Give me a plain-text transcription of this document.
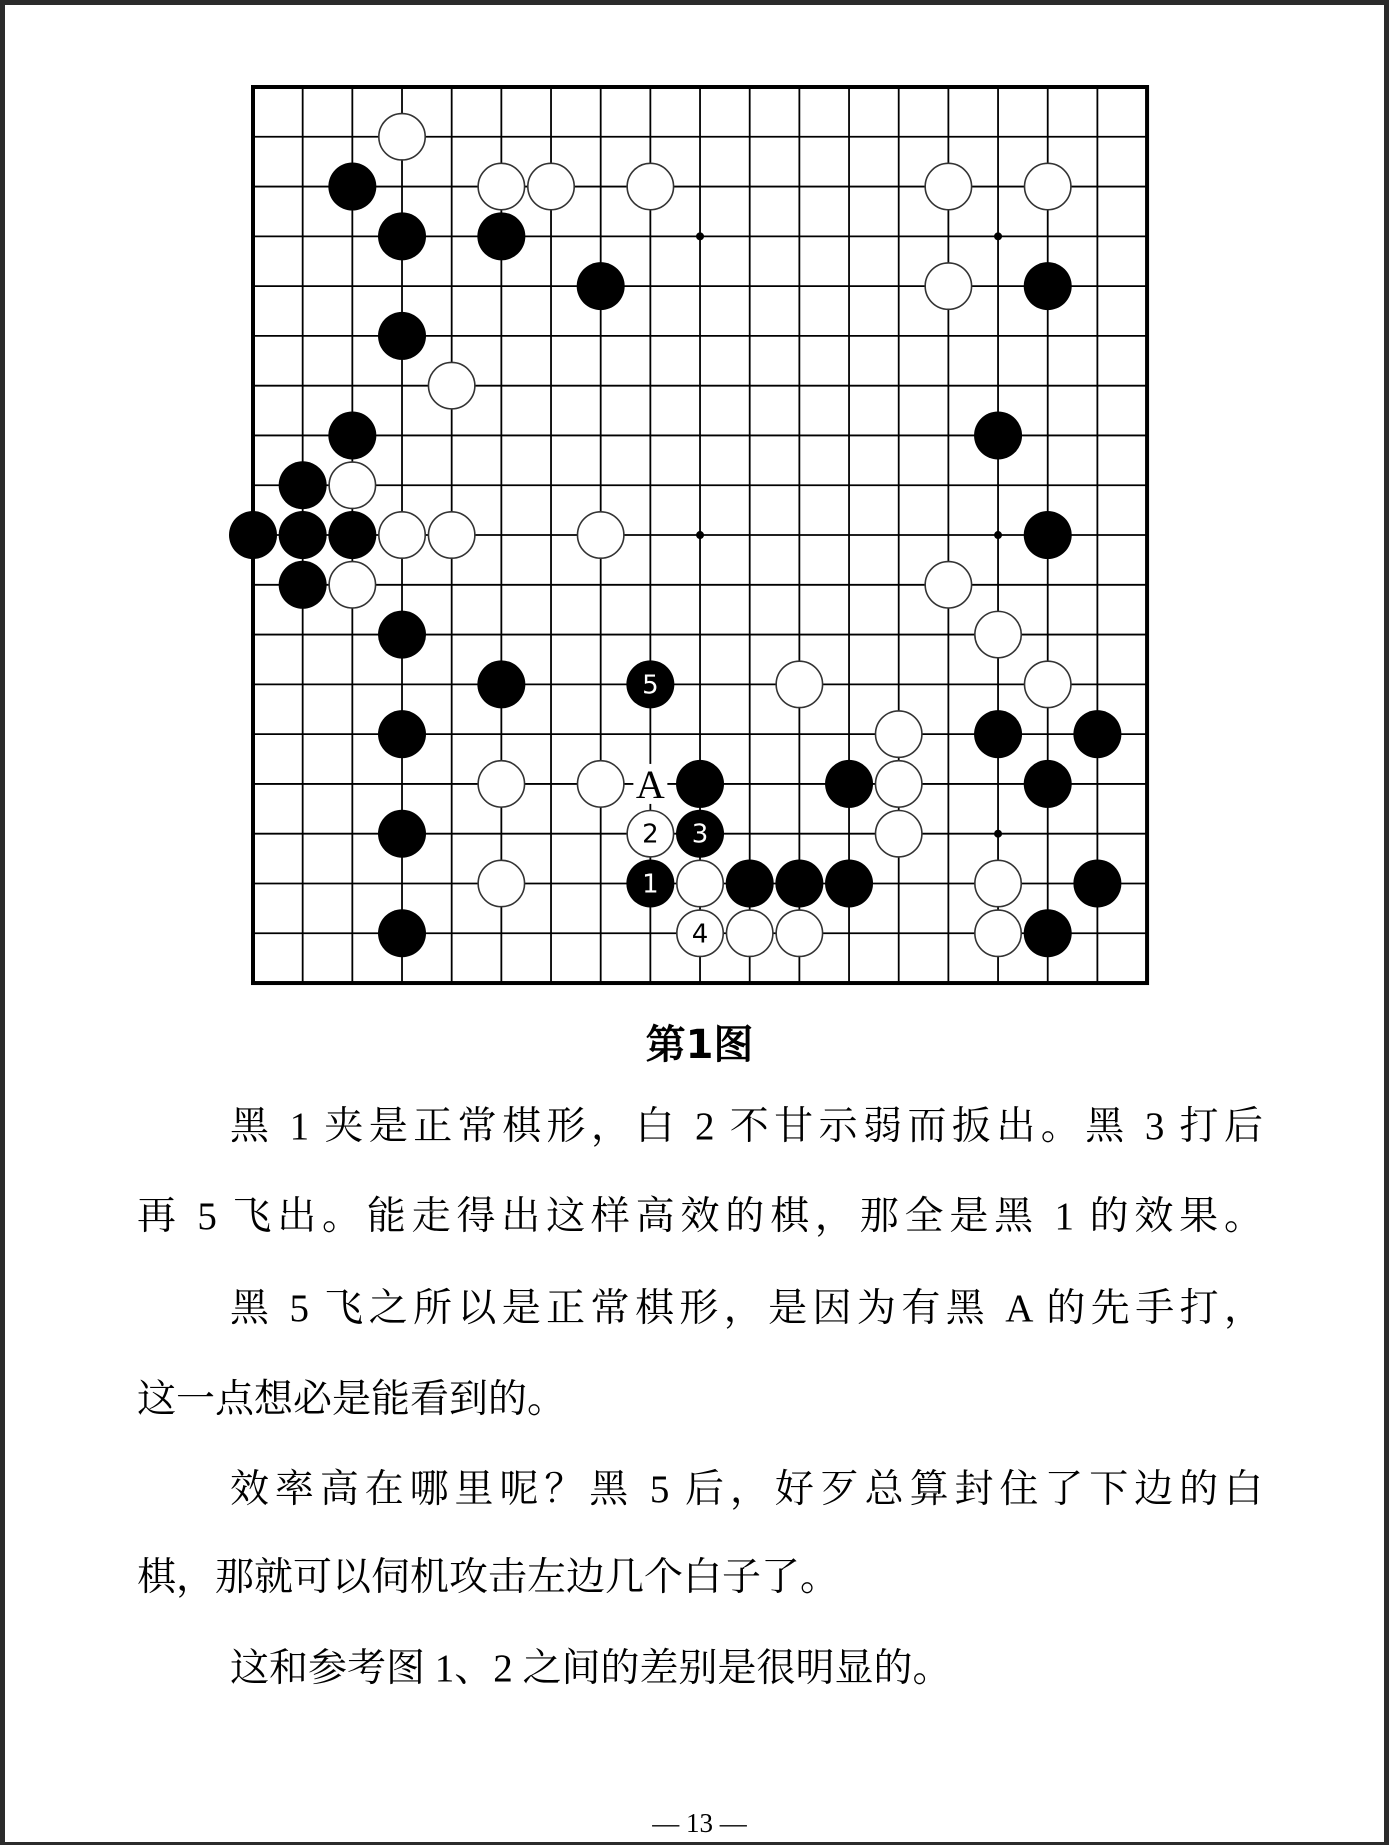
1
2 3
4
5
A
第1图
黑 1 夹是正常棋形，白 2 不甘示弱而扳出。黑 3 打后
再 5 飞出。能走得出这样高效的棋，那全是黑 1 的效果。
黑 5 飞之所以是正常棋形，是因为有黑 A 的先手打，
这一点想必是能看到的。
效率高在哪里呢？黑 5 后，好歹总算封住了下边的白
棋，那就可以伺机攻击左边几个白子了。
这和参考图 1、2 之间的差别是很明显的。
— 13 —
